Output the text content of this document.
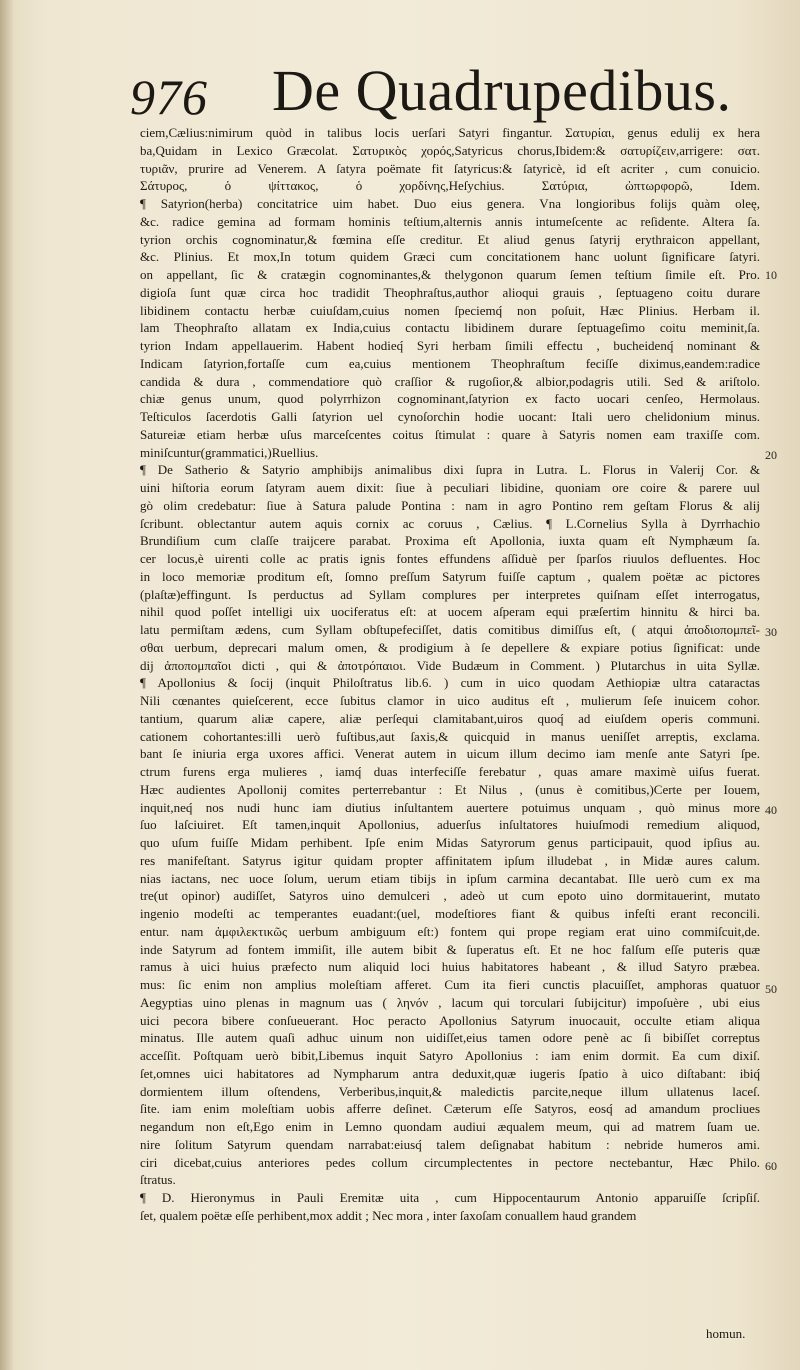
976 De Quadrupedibus.
ciem,Cælius:nimirum quòd in talibus locis uerſari Satyri fingantur. Σατυρίαι, genus edulij ex hera
ba,Quidam in Lexico Græcolat. Σατυρικὸς χορός,Satyricus chorus,Ibidem:& σατυρίζειν,arrigere: σατ.
τυριᾶν, prurire ad Venerem. A ſatyra poëmate fit ſatyricus:& ſatyricè, id eſt acriter , cum conuicio.
Σάτυρος, ὁ ψίττακος, ὁ χορδίνης,Heſychius. Σατύρια, ὠπτωρφορῶ, Idem.
¶ Satyrion(herba) concitatrice uim habet. Duo eius genera. Vna longioribus folijs quàm oleę,
&c. radice gemina ad formam hominis teſtium,alternis annis intumeſcente ac reſidente. Altera ſa.
tyrion orchis cognominatur,& fœmina eſſe creditur. Et aliud genus ſatyrij erythraicon appellant,
&c. Plinius. Et mox,In totum quidem Græci cum concitationem hanc uolunt ſignificare ſatyri.
on appellant, ſic & cratægin cognominantes,& thelygonon quarum ſemen teſtium ſimile eſt. Pro.
digioſa ſunt quæ circa hoc tradidit Theophraſtus,author alioqui grauis , ſeptuageno coitu durare
libidinem contactu herbæ cuiuſdam,cuius nomen ſpeciemq́ non poſuit, Hæc Plinius. Herbam il.
lam Theophraſto allatam ex India,cuius contactu libidinem durare ſeptuageſimo coitu meminit,ſa.
tyrion Indam appellauerim. Habent hodieq́ Syri herbam ſimili effectu , bucheidenq́ nominant &
Indicam ſatyrion,fortaſſe cum ea,cuius mentionem Theophraſtum feciſſe diximus,eandem:radice
candida & dura , commendatiore quò craſſior & rugoſior,& albior,podagris utili. Sed & ariſtolo.
chiæ genus unum, quod polyrrhizon cognominant,ſatyrion ex facto uocari cenſeo, Hermolaus.
Teſticulos ſacerdotis Galli ſatyrion uel cynoſorchin hodie uocant: Itali uero chelidonium minus.
Satureiæ etiam herbæ uſus marceſcentes coitus ſtimulat : quare à Satyris nomen eam traxiſſe com.
miniſcuntur(grammatici,)Ruellius.
¶ De Satherio & Satyrio amphibijs animalibus dixi ſupra in Lutra. L. Florus in Valerij Cor. &
uini hiſtoria eorum ſatyram auem dixit: ſiue à peculiari libidine, quoniam ore coire & parere uul
gò olim credebatur: ſiue à Satura palude Pontina : nam in agro Pontino rem geſtam Florus & alij
ſcribunt. oblectantur autem aquis cornix ac coruus , Cælius. ¶ L.Cornelius Sylla à Dyrrhachio
Brundiſium cum claſſe traijcere parabat. Proxima eſt Apollonia, iuxta quam eſt Nymphæum ſa.
cer locus,è uirenti colle ac pratis ignis fontes effundens aſſiduè per ſparſos riuulos defluentes. Hoc
in loco memoriæ proditum eſt, ſomno preſſum Satyrum fuiſſe captum , qualem poëtæ ac pictores
(plaſtæ)effingunt. Is perductus ad Syllam complures per interpretes quiſnam eſſet interrogatus,
nihil quod poſſet intelligi uix uociferatus eſt: at uocem aſperam equi præſertim hinnitu & hirci ba.
latu permiſtam ædens, cum Syllam obſtupefeciſſet, datis comitibus dimiſſus eſt, ( atqui ἀποδιοπομπεῖ-
σθαι uerbum, deprecari malum omen, & prodigium à ſe depellere & expiare potius ſignificat: unde
dij ἀποπομπαῖοι dicti , qui & ἀποτρόπαιοι. Vide Budæum in Comment. ) Plutarchus in uita Syllæ.
¶ Apollonius & ſocij (inquit Philoſtratus lib.6. ) cum in uico quodam Aethiopiæ ultra cataractas
Nili cœnantes quieſcerent, ecce ſubitus clamor in uico auditus eſt , mulierum ſeſe inuicem cohor.
tantium, quarum aliæ capere, aliæ perſequi clamitabant,uiros quoq́ ad eiuſdem operis communi.
cationem cohortantes:illi uerò fuſtibus,aut ſaxis,& quicquid in manus ueniſſet arreptis, exclama.
bant ſe iniuria erga uxores affici. Venerat autem in uicum illum decimo iam menſe ante Satyri ſpe.
ctrum furens erga mulieres , iamq́ duas interfeciſſe ferebatur , quas amare maximè uiſus fuerat.
Hæc audientes Apollonij comites perterrebantur : Et Nilus , (unus è comitibus,)Certe per Iouem,
inquit,neq́ nos nudi hunc iam diutius inſultantem auertere potuimus unquam , quò minus more
ſuo laſciuiret. Eſt tamen,inquit Apollonius, aduerſus inſultatores huiuſmodi remedium aliquod,
quo uſum fuiſſe Midam perhibent. Ipſe enim Midas Satyrorum genus participauit, quod ipſius au.
res manifeſtant. Satyrus igitur quidam propter affinitatem ipſum illudebat , in Midæ aures calum.
nias iactans, nec uoce ſolum, uerum etiam tibijs in ipſum carmina decantabat. Ille uerò cum ex ma
tre(ut opinor) audiſſet, Satyros uino demulceri , adeò ut cum epoto uino dormitauerint, mutato
ingenio modeſti ac temperantes euadant:(uel, modeſtiores fiant & quibus infeſti erant reconcili.
entur. nam ἀμφιλεκτικῶς uerbum ambiguum eſt:) fontem qui prope regiam erat uino commiſcuit,de.
inde Satyrum ad fontem immiſit, ille autem bibit & ſuperatus eſt. Et ne hoc falſum eſſe puteris quæ
ramus à uici huius præfecto num aliquid loci huius habitatores habeant , & illud Satyro præbea.
mus: ſic enim non amplius moleſtiam afferet. Cum ita fieri cunctis placuiſſet, amphoras quatuor
Aegyptias uino plenas in magnum uas ( ληνόν , lacum qui torculari ſubijcitur) impoſuère , ubi eius
uici pecora bibere conſueuerant. Hoc peracto Apollonius Satyrum inuocauit, occulte etiam aliqua
minatus. Ille autem quaſi adhuc uinum non uidiſſet,eius tamen odore penè ac ſi bibiſſet correptus
acceſſit. Poſtquam uerò bibit,Libemus inquit Satyro Apollonius : iam enim dormit. Ea cum dixiſ.
ſet,omnes uici habitatores ad Nympharum antra deduxit,quæ iugeris ſpatio à uico diſtabant: ibiq́
dormientem illum oſtendens, Verberibus,inquit,& maledictis parcite,neque illum ullatenus laceſ.
ſite. iam enim moleſtiam uobis afferre deſinet. Cæterum eſſe Satyros, eosq́ ad amandum procliues
negandum non eſt,Ego enim in Lemno quondam audiui æqualem meum, qui ad matrem ſuam ue.
nire ſolitum Satyrum quendam narrabat:eiusq́ talem deſignabat habitum : nebride humeros ami.
ciri dicebat,cuius anteriores pedes collum circumplectentes in pectore nectebantur, Hæc Philo.
ſtratus.
¶ D. Hieronymus in Pauli Eremitæ uita , cum Hippocentaurum Antonio apparuiſſe ſcripſiſ.
ſet, qualem poëtæ eſſe perhibent,mox addit ; Nec mora , inter ſaxoſam conuallem haud grandem
10
20
30
40
50
60
homun.
